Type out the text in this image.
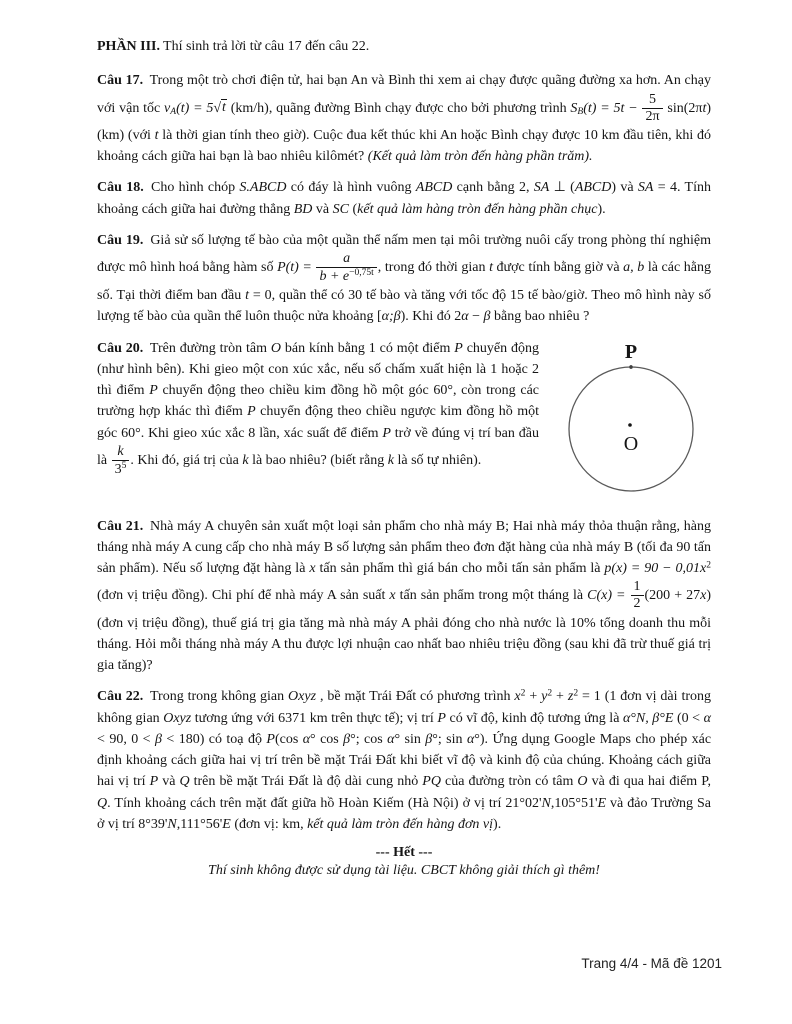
PHẦN III. Thí sinh trả lời từ câu 17 đến câu 22.

Câu 17. Trong một trò chơi điện tử, hai bạn An và Bình thi xem ai chạy được quãng đường xa hơn. An chạy với vận tốc $v_A(t) = 5√t$ (km/h), quãng đường Bình chạy được cho bởi phương trình $S_B(t) = 5t - \frac{5}{2\pi} \sin(2\pi t)$ (km) (với t là thời gian tính theo giờ). Cuộc đua kết thúc khi An hoặc Bình chạy được 10 km đầu tiên, khi đó khoảng cách giữa hai bạn là bao nhiêu kilômét? (Kết quả làm tròn đến hàng phần trăm).

Câu 18. Cho hình chóp S.ABCD có đáy là hình vuông ABCD cạnh bằng 2, SA ⊥ (ABCD) và SA = 4. Tính khoảng cách giữa hai đường thẳng BD và SC (kết quả làm hàng tròn đến hàng phần chục).

Câu 19. Giả sử số lượng tế bào của một quần thể nấm men tại môi trường nuôi cấy trong phòng thí nghiệm được mô hình hoá bằng hàm số $P(t) = \frac{a}{b + e^{-0,75t}}$ , trong đó thời gian t được tính bằng giờ và a, b là các hằng số. Tại thời điểm ban đầu t = 0, quần thể có 30 tế bào và tăng với tốc độ 15 tế bào/giờ. Theo mô hình này số lượng tế bào của quần thể luôn thuộc nửa khoảng [α;β). Khi đó 2α − β bằng bao nhiêu ?

P
O

Câu 20. Trên đường tròn tâm O bán kính bằng 1 có một điểm P chuyển động (như hình bên). Khi gieo một con xúc xắc, nếu số chấm xuất hiện là 1 hoặc 2 thì điểm P chuyển động theo chiều kim đồng hồ một góc 60°, còn trong các trường hợp khác thì điểm P chuyển động theo chiều ngược kim đồng hồ một góc 60°. Khi gieo xúc xắc 8 lần, xác suất để điểm P trở về đúng vị trí ban đầu là $\frac{k}{3^5}$ . Khi đó, giá trị của k là bao nhiêu? (biết rằng k là số tự nhiên).

Câu 21. Nhà máy A chuyên sản xuất một loại sản phẩm cho nhà máy B; Hai nhà máy thỏa thuận rằng, hàng tháng nhà máy A cung cấp cho nhà máy B số lượng sản phẩm theo đơn đặt hàng của nhà máy B (tối đa 90 tấn sản phẩm). Nếu số lượng đặt hàng là x tấn sản phẩm thì giá bán cho mỗi tấn sản phẩm là $p(x) = 90 - 0,01x^2$ (đơn vị triệu đồng). Chi phí để nhà máy A sản suất x tấn sản phẩm trong một tháng là $C(x) = \frac{1}{2} (200 + 27x)$ (đơn vị triệu đồng), thuế giá trị gia tăng mà nhà máy A phải đóng cho nhà nước là 10% tổng doanh thu mỗi tháng. Hỏi mỗi tháng nhà máy A thu được lợi nhuận cao nhất bao nhiêu triệu đồng (sau khi đã trừ thuế giá trị gia tăng)?

Câu 22. Trong trong không gian Oxyz , bề mặt Trái Đất có phương trình $x^2 + y^2 + z^2 = 1$ (1 đơn vị dài trong không gian Oxyz tương ứng với 6371 km trên thực tế); vị trí P có vĩ độ, kinh độ tương ứng là α°N, β°E (0 < α < 90, 0 < β < 180) có toạ độ P(cos α° cos β°; cos α° sin β°; sin α°). Ứng dụng Google Maps cho phép xác định khoảng cách giữa hai vị trí trên bề mặt Trái Đất khi biết vĩ độ và kinh độ của chúng. Khoảng cách giữa hai vị trí P và Q trên bề mặt Trái Đất là độ dài cung nhỏ PQ của đường tròn có tâm O và đi qua hai điểm P, Q. Tính khoảng cách trên mặt đất giữa hồ Hoàn Kiếm (Hà Nội) ở vị trí 21°02'N,105°51'E và đảo Trường Sa ở vị trí 8°39'N,111°56'E (đơn vị: km, kết quả làm tròn đến hàng đơn vị).

--- Hết ---

Thí sinh không được sử dụng tài liệu. CBCT không giải thích gì thêm!

Trang 4/4 - Mã đề 1201
